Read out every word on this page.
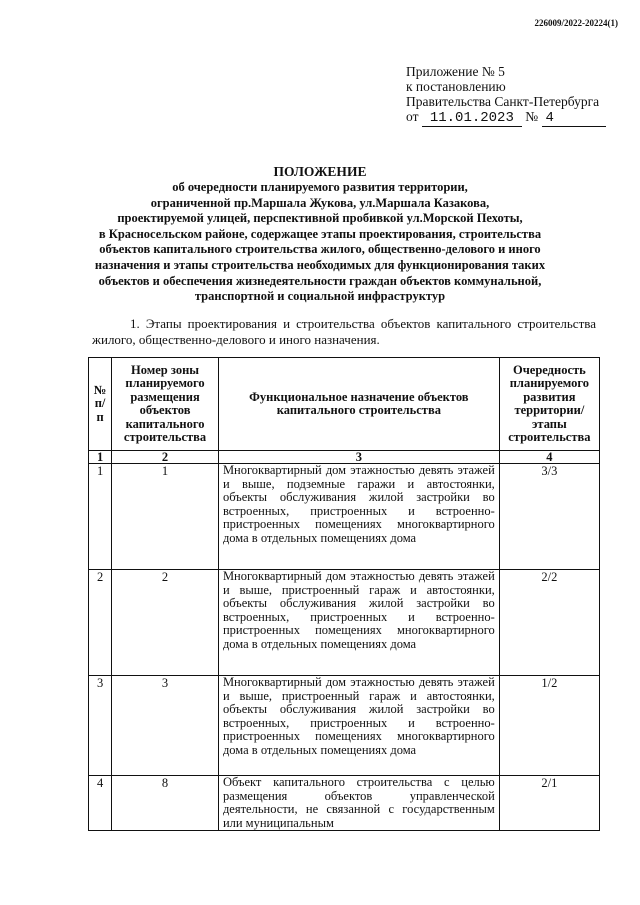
226009/2022-20224(1)
Приложение № 5
к постановлению
Правительства Санкт-Петербурга
от 11.01.2023 № 4
ПОЛОЖЕНИЕ
об очередности планируемого развития территории,
ограниченной пр.Маршала Жукова, ул.Маршала Казакова,
проектируемой улицей, перспективной пробивкой ул.Морской Пехоты,
в Красносельском районе, содержащее этапы проектирования, строительства
объектов капитального строительства жилого, общественно-делового и иного
назначения и этапы строительства необходимых для функционирования таких
объектов и обеспечения жизнедеятельности граждан объектов коммунальной,
транспортной и социальной инфраструктур
1. Этапы проектирования и строительства объектов капитального строительства жилого, общественно-делового и иного назначения.
№ п/п	Номер зоны планируемого размещения объектов капитального строительства	Функциональное назначение объектов капитального строительства	Очередность планируемого развития территории/ этапы строительства
1	2	3	4
1	1	Многоквартирный дом этажностью девять этажей и выше, подземные гаражи и автостоянки, объекты обслуживания жилой застройки во встроенных, пристроенных и встроенно-пристроенных помещениях многоквартирного дома в отдельных помещениях дома	3/3
2	2	Многоквартирный дом этажностью девять этажей и выше, пристроенный гараж и автостоянки, объекты обслуживания жилой застройки во встроенных, пристроенных и встроенно-пристроенных помещениях многоквартирного дома в отдельных помещениях дома	2/2
3	3	Многоквартирный дом этажностью девять этажей и выше, пристроенный гараж и автостоянки, объекты обслуживания жилой застройки во встроенных, пристроенных и встроенно-пристроенных помещениях многоквартирного дома в отдельных помещениях дома	1/2
4	8	Объект капитального строительства с целью размещения объектов управленческой деятельности, не связанной с государственным или муниципальным	2/1
